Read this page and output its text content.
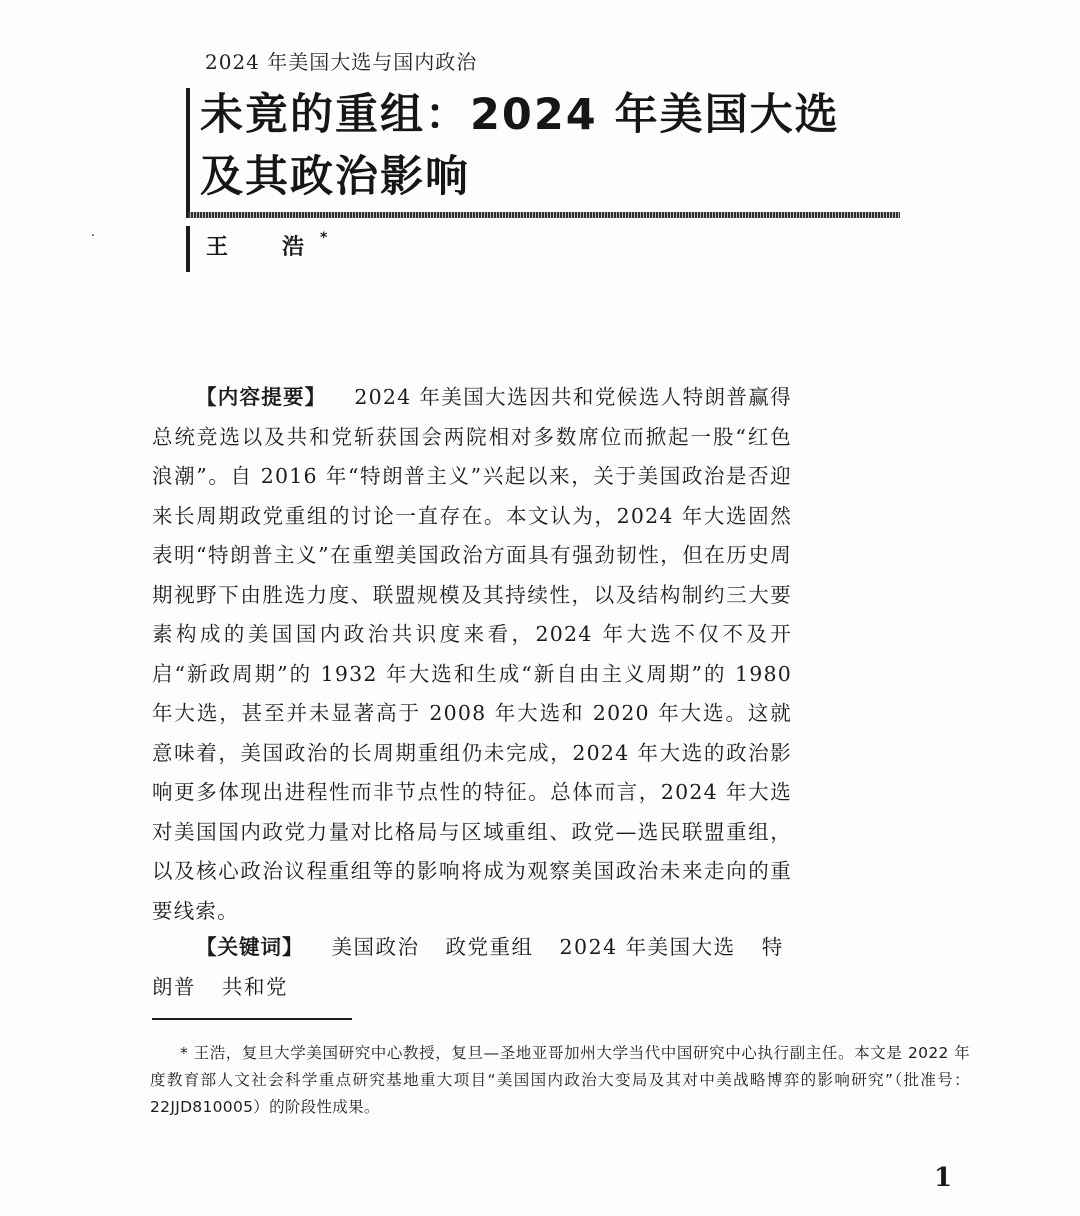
2024 年美国大选与国内政治
未竟的重组：2024 年美国大选
及其政治影响
王　浩*
【内容提要】 2024 年美国大选因共和党候选人特朗普赢得总统竞选以及共和党斩获国会两院相对多数席位而掀起一股“红色浪潮”。自 2016 年“特朗普主义”兴起以来，关于美国政治是否迎来长周期政党重组的讨论一直存在。本文认为，2024 年大选固然表明“特朗普主义”在重塑美国政治方面具有强劲韧性，但在历史周期视野下由胜选力度、联盟规模及其持续性，以及结构制约三大要素构成的美国国内政治共识度来看，2024 年大选不仅不及开启“新政周期”的 1932 年大选和生成“新自由主义周期”的 1980 年大选，甚至并未显著高于 2008 年大选和 2020 年大选。这就意味着，美国政治的长周期重组仍未完成，2024 年大选的政治影响更多体现出进程性而非节点性的特征。总体而言，2024 年大选对美国国内政党力量对比格局与区域重组、政党—选民联盟重组，以及核心政治议程重组等的影响将成为观察美国政治未来走向的重要线索。
【关键词】 美国政治 政党重组 2024 年美国大选 特朗普 共和党
* 王浩，复旦大学美国研究中心教授，复旦—圣地亚哥加州大学当代中国研究中心执行副主任。本文是 2022 年度教育部人文社会科学重点研究基地重大项目“美国国内政治大变局及其对中美战略博弈的影响研究”（批准号：22JJD810005）的阶段性成果。
1
